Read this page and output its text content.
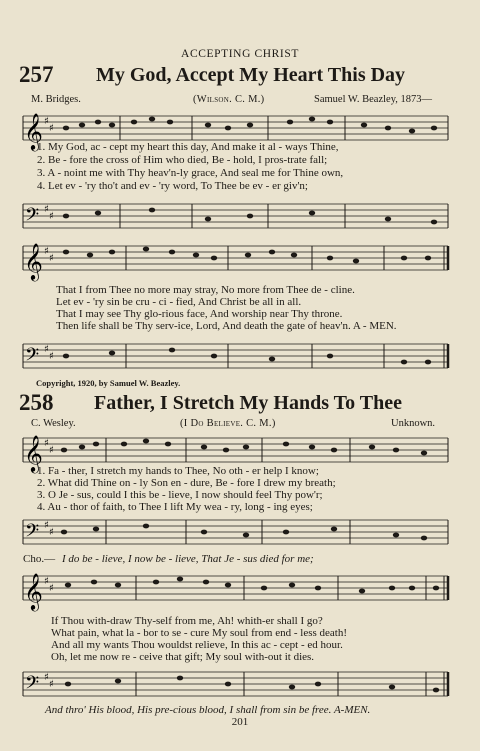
ACCEPTING CHRIST
257 My God, Accept My Heart This Day
M. Bridges.	(Wilson. C. M.)	Samuel W. Beazley, 1873—
𝄞 ♯
♯
1. My God, ac - cept my heart this day, And make it al - ways Thine,
2. Be - fore the cross of Him who died, Be - hold, I pros-trate fall;
3. A - noint me with Thy heav'n-ly grace, And seal me for Thine own,
4. Let ev - 'ry tho't and ev - 'ry word, To Thee be ev - er giv'n;
𝄢 ♯
♯
𝄞 ♯
♯
That I from Thee no more may stray, No more from Thee de - cline.
Let ev - 'ry sin be cru - ci - fied, And Christ be all in all.
That I may see Thy glo-rious face, And worship near Thy throne.
Then life shall be Thy serv-ice, Lord, And death the gate of heav'n. A - MEN.
𝄢 ♯
♯
Copyright, 1920, by Samuel W. Beazley.
258 Father, I Stretch My Hands To Thee
C. Wesley.	(I Do Believe. C. M.)	Unknown.
𝄞 ♯
♯
1. Fa - ther, I stretch my hands to Thee, No oth - er help I know;
2. What did Thine on - ly Son en - dure, Be - fore I drew my breath;
3. O Je - sus, could I this be - lieve, I now should feel Thy pow'r;
4. Au - thor of faith, to Thee I lift My wea - ry, long - ing eyes;
𝄢 ♯
♯
Cho.— I do be - lieve, I now be - lieve, That Je - sus died for me;
𝄞 ♯
♯
If Thou with-draw Thy-self from me, Ah! whith-er shall I go?
What pain, what la - bor to se - cure My soul from end - less death!
And all my wants Thou wouldst relieve, In this ac - cept - ed hour.
Oh, let me now re - ceive that gift; My soul with-out it dies.
𝄢 ♯
♯
And thro' His blood, His pre-cious blood, I shall from sin be free. A-MEN.
201
